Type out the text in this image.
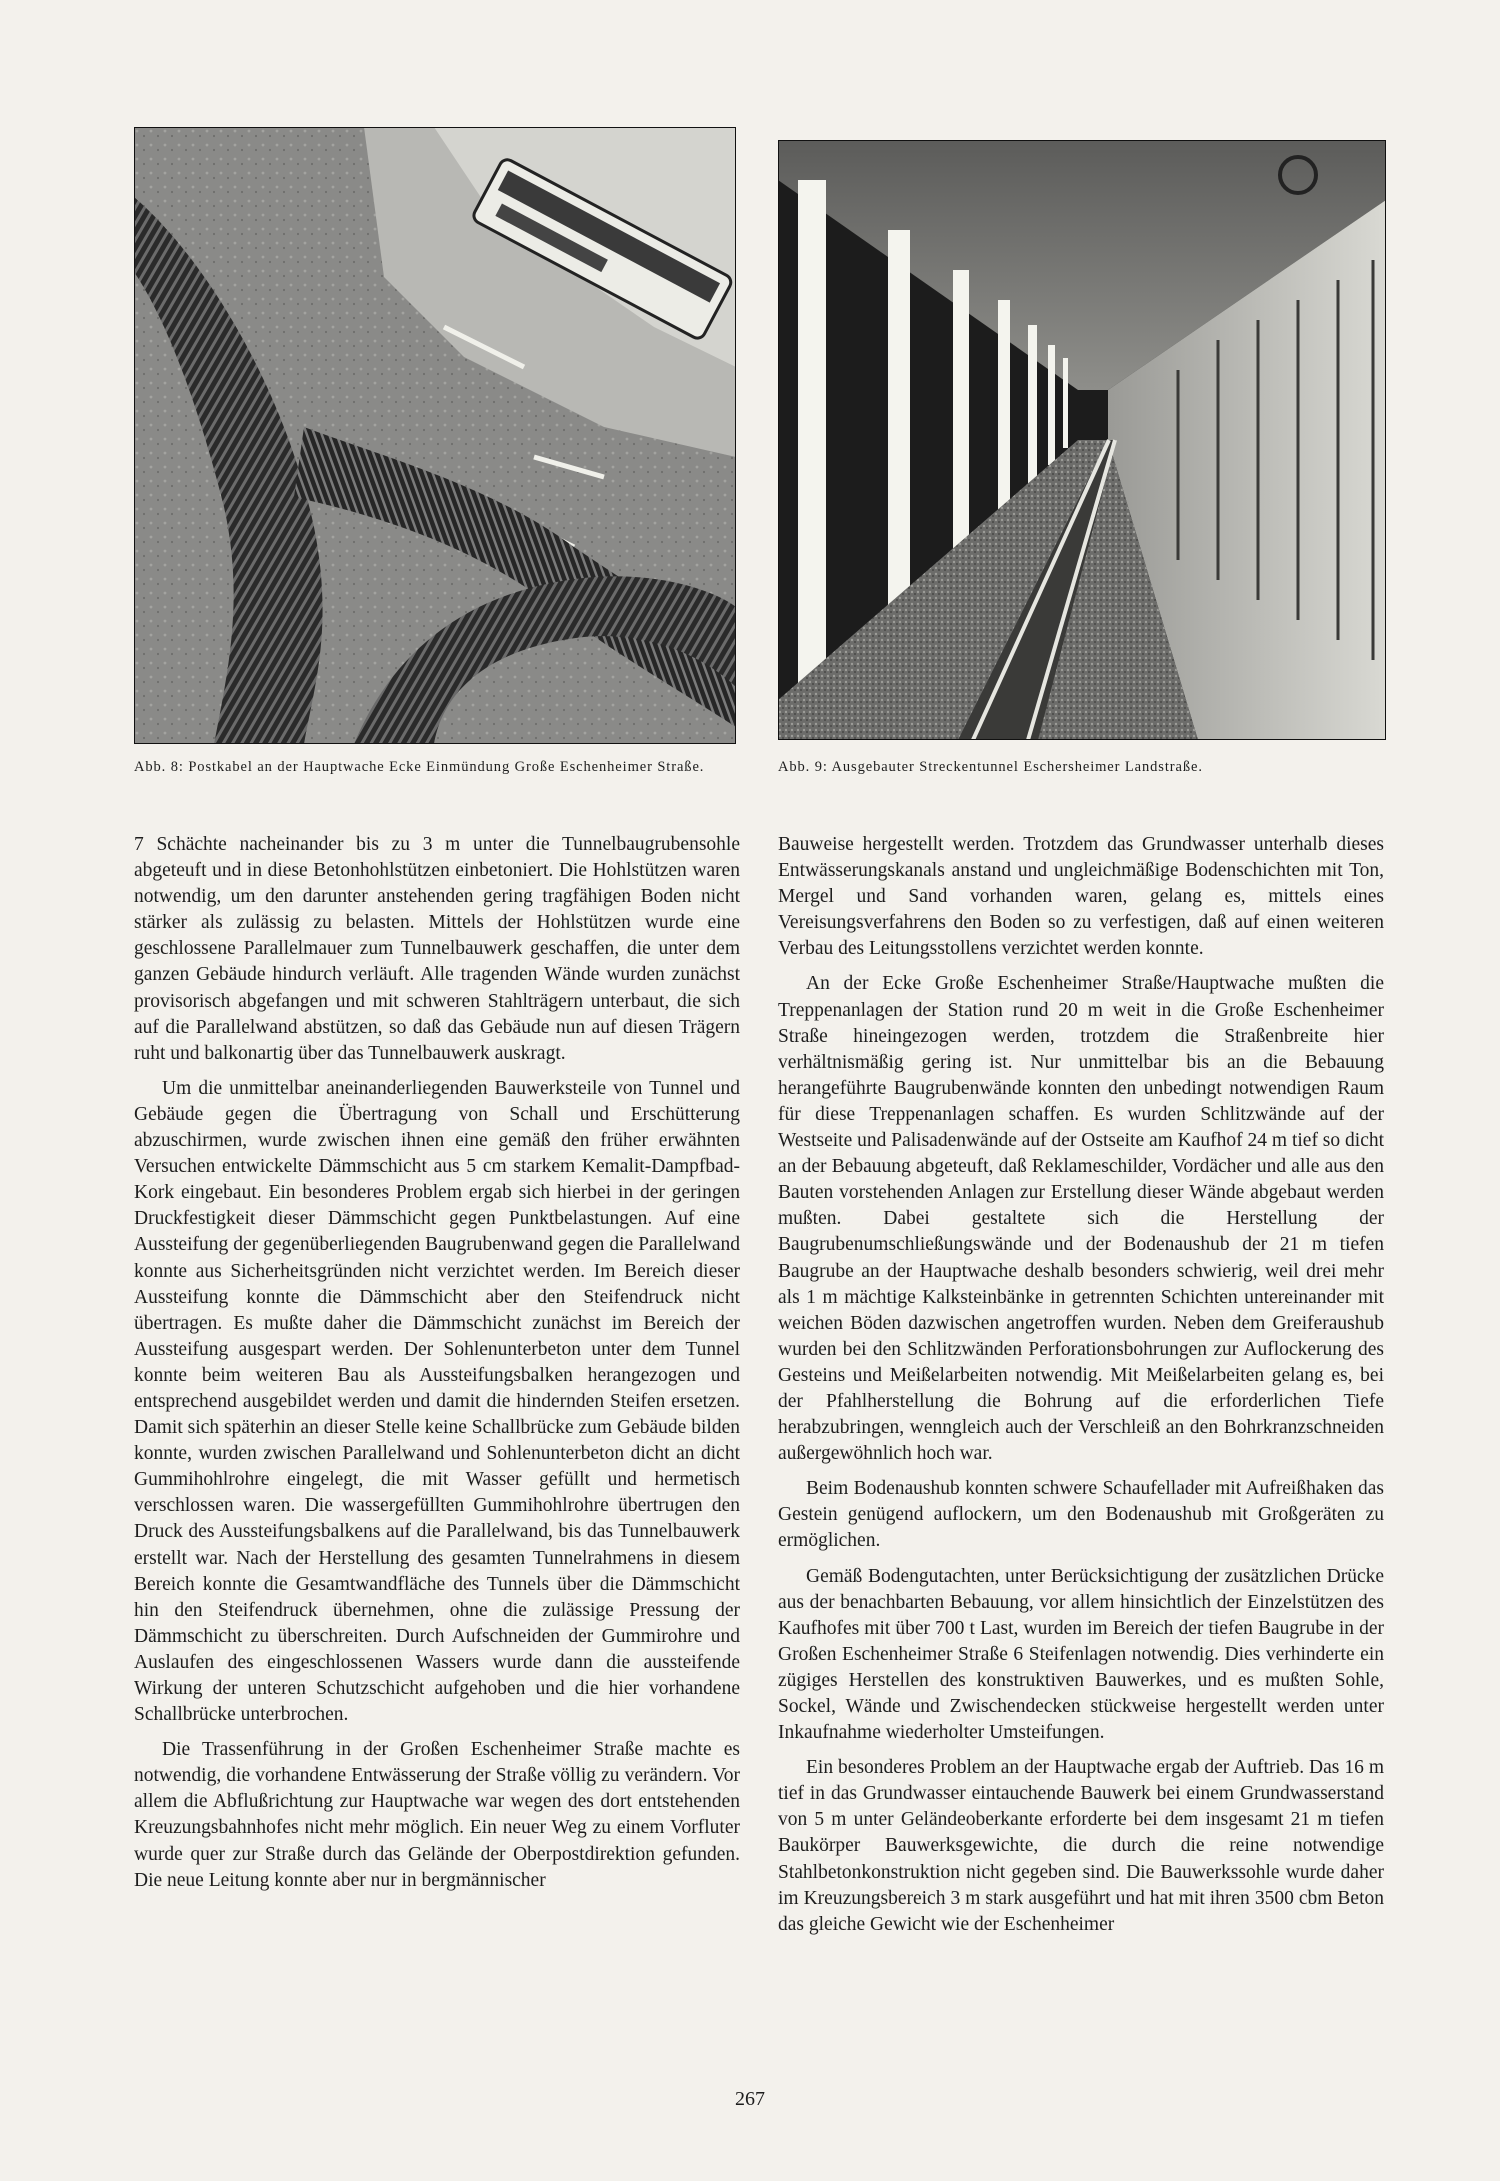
Abb. 8: Postkabel an der Hauptwache Ecke Einmündung Große Eschenheimer Straße.	Abb. 9: Ausgebauter Streckentunnel Eschersheimer Landstraße.

7 Schächte nacheinander bis zu 3 m unter die Tunnelbaugrubensohle abgeteuft und in diese Betonhohlstützen einbetoniert. Die Hohlstützen waren notwendig, um den darunter anstehenden gering tragfähigen Boden nicht stärker als zulässig zu belasten. Mittels der Hohlstützen wurde eine geschlossene Parallelmauer zum Tunnelbauwerk geschaffen, die unter dem ganzen Gebäude hindurch verläuft. Alle tragenden Wände wurden zunächst provisorisch abgefangen und mit schweren Stahlträgern unterbaut, die sich auf die Parallelwand abstützen, so daß das Gebäude nun auf diesen Trägern ruht und balkonartig über das Tunnelbauwerk auskragt.

Um die unmittelbar aneinanderliegenden Bauwerksteile von Tunnel und Gebäude gegen die Übertragung von Schall und Erschütterung abzuschirmen, wurde zwischen ihnen eine gemäß den früher erwähnten Versuchen entwickelte Dämmschicht aus 5 cm starkem Kemalit-Dampfbad-Kork eingebaut. Ein besonderes Problem ergab sich hierbei in der geringen Druckfestigkeit dieser Dämmschicht gegen Punktbelastungen. Auf eine Aussteifung der gegenüberliegenden Baugrubenwand gegen die Parallelwand konnte aus Sicherheitsgründen nicht verzichtet werden. Im Bereich dieser Aussteifung konnte die Dämmschicht aber den Steifendruck nicht übertragen. Es mußte daher die Dämmschicht zunächst im Bereich der Aussteifung ausgespart werden. Der Sohlenunterbeton unter dem Tunnel konnte beim weiteren Bau als Aussteifungsbalken herangezogen und entsprechend ausgebildet werden und damit die hindernden Steifen ersetzen. Damit sich späterhin an dieser Stelle keine Schallbrücke zum Gebäude bilden konnte, wurden zwischen Parallelwand und Sohlenunterbeton dicht an dicht Gummihohlrohre eingelegt, die mit Wasser gefüllt und hermetisch verschlossen waren. Die wassergefüllten Gummihohlrohre übertrugen den Druck des Aussteifungsbalkens auf die Parallelwand, bis das Tunnelbauwerk erstellt war. Nach der Herstellung des gesamten Tunnelrahmens in diesem Bereich konnte die Gesamtwandfläche des Tunnels über die Dämmschicht hin den Steifendruck übernehmen, ohne die zulässige Pressung der Dämmschicht zu überschreiten. Durch Aufschneiden der Gummirohre und Auslaufen des eingeschlossenen Wassers wurde dann die aussteifende Wirkung der unteren Schutzschicht aufgehoben und die hier vorhandene Schallbrücke unterbrochen.

Die Trassenführung in der Großen Eschenheimer Straße machte es notwendig, die vorhandene Entwässerung der Straße völlig zu verändern. Vor allem die Abflußrichtung zur Hauptwache war wegen des dort entstehenden Kreuzungsbahnhofes nicht mehr möglich. Ein neuer Weg zu einem Vorfluter wurde quer zur Straße durch das Gelände der Oberpostdirektion gefunden. Die neue Leitung konnte aber nur in bergmännischer

Bauweise hergestellt werden. Trotzdem das Grundwasser unterhalb dieses Entwässerungskanals anstand und ungleichmäßige Bodenschichten mit Ton, Mergel und Sand vorhanden waren, gelang es, mittels eines Vereisungsverfahrens den Boden so zu verfestigen, daß auf einen weiteren Verbau des Leitungsstollens verzichtet werden konnte.

An der Ecke Große Eschenheimer Straße/Hauptwache mußten die Treppenanlagen der Station rund 20 m weit in die Große Eschenheimer Straße hineingezogen werden, trotzdem die Straßenbreite hier verhältnismäßig gering ist. Nur unmittelbar bis an die Bebauung herangeführte Baugrubenwände konnten den unbedingt notwendigen Raum für diese Treppenanlagen schaffen. Es wurden Schlitzwände auf der Westseite und Palisadenwände auf der Ostseite am Kaufhof 24 m tief so dicht an der Bebauung abgeteuft, daß Reklameschilder, Vordächer und alle aus den Bauten vorstehenden Anlagen zur Erstellung dieser Wände abgebaut werden mußten. Dabei gestaltete sich die Herstellung der Baugrubenumschließungswände und der Bodenaushub der 21 m tiefen Baugrube an der Hauptwache deshalb besonders schwierig, weil drei mehr als 1 m mächtige Kalksteinbänke in getrennten Schichten untereinander mit weichen Böden dazwischen angetroffen wurden. Neben dem Greiferaushub wurden bei den Schlitzwänden Perforationsbohrungen zur Auflockerung des Gesteins und Meißelarbeiten notwendig. Mit Meißelarbeiten gelang es, bei der Pfahlherstellung die Bohrung auf die erforderlichen Tiefe herabzubringen, wenngleich auch der Verschleiß an den Bohrkranzschneiden außergewöhnlich hoch war.

Beim Bodenaushub konnten schwere Schaufellader mit Aufreißhaken das Gestein genügend auflockern, um den Bodenaushub mit Großgeräten zu ermöglichen.

Gemäß Bodengutachten, unter Berücksichtigung der zusätzlichen Drücke aus der benachbarten Bebauung, vor allem hinsichtlich der Einzelstützen des Kaufhofes mit über 700 t Last, wurden im Bereich der tiefen Baugrube in der Großen Eschenheimer Straße 6 Steifenlagen notwendig. Dies verhinderte ein zügiges Herstellen des konstruktiven Bauwerkes, und es mußten Sohle, Sockel, Wände und Zwischendecken stückweise hergestellt werden unter Inkaufnahme wiederholter Umsteifungen.

Ein besonderes Problem an der Hauptwache ergab der Auftrieb. Das 16 m tief in das Grundwasser eintauchende Bauwerk bei einem Grundwasserstand von 5 m unter Geländeoberkante erforderte bei dem insgesamt 21 m tiefen Baukörper Bauwerksgewichte, die durch die reine notwendige Stahlbetonkonstruktion nicht gegeben sind. Die Bauwerkssohle wurde daher im Kreuzungsbereich 3 m stark ausgeführt und hat mit ihren 3500 cbm Beton das gleiche Gewicht wie der Eschenheimer

267
